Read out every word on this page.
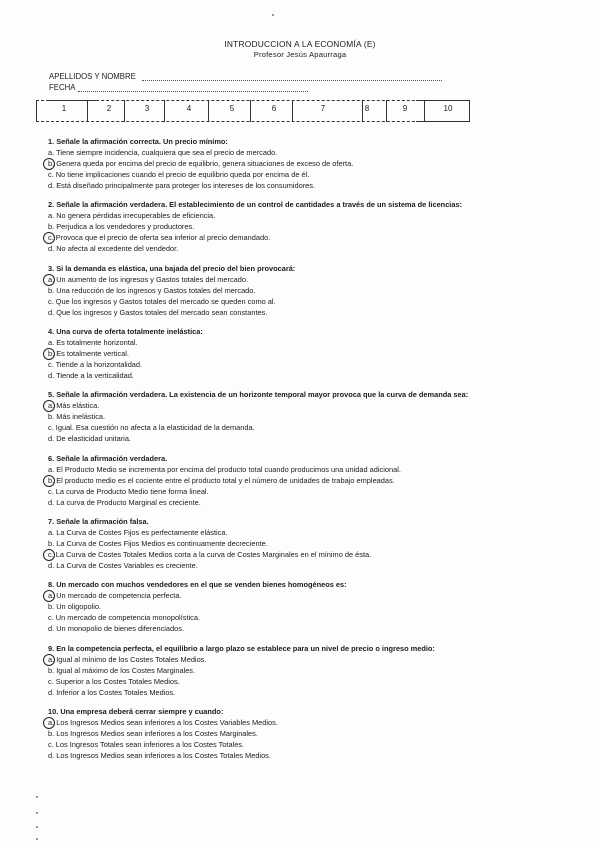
INTRODUCCION A LA ECONOMÍA (E)
Profesor Jesús Apaurraga
APELLIDOS Y NOMBRE
FECHA
1	2	3	4	5	6	7	8	9	10
1. Señale la afirmación correcta. Un precio mínimo:
a. Tiene siempre incidencia, cualquiera que sea el precio de mercado.
b. Genera queda por encima del precio de equilibrio, genera situaciones de exceso de oferta.
c. No tiene implicaciones cuando el precio de equilibrio queda por encima de él.
d. Está diseñado principalmente para proteger los intereses de los consumidores.
2. Señale la afirmación verdadera. El establecimiento de un control de cantidades a través de un sistema de licencias:
a. No genera pérdidas irrecuperables de eficiencia.
b. Perjudica a los vendedores y productores.
c. Provoca que el precio de oferta sea inferior al precio demandado.
d. No afecta al excedente del vendedor.
3. Si la demanda es elástica, una bajada del precio del bien provocará:
a. Un aumento de los ingresos y Gastos totales del mercado.
b. Una reducción de los ingresos y Gastos totales del mercado.
c. Que los ingresos y Gastos totales del mercado se queden como al.
d. Que los ingresos y Gastos totales del mercado sean constantes.
4. Una curva de oferta totalmente inelástica:
a. Es totalmente horizontal.
b. Es totalmente vertical.
c. Tiende a la horizontalidad.
d. Tiende a la verticalidad.
5. Señale la afirmación verdadera. La existencia de un horizonte temporal mayor provoca que la curva de demanda sea:
a. Más elástica.
b. Más inelástica.
c. Igual. Esa cuestión no afecta a la elasticidad de la demanda.
d. De elasticidad unitaria.
6. Señale la afirmación verdadera.
a. El Producto Medio se incrementa por encima del producto total cuando producimos una unidad adicional.
b. El producto medio es el cociente entre el producto total y el número de unidades de trabajo empleadas.
c. La curva de Producto Medio tiene forma lineal.
d. La curva de Producto Marginal es creciente.
7. Señale la afirmación falsa.
a. La Curva de Costes Fijos es perfectamente elástica.
b. La Curva de Costes Fijos Medios es continuamente decreciente.
c. La Curva de Costes Totales Medios corta a la curva de Costes Marginales en el mínimo de ésta.
d. La Curva de Costes Variables es creciente.
8. Un mercado con muchos vendedores en el que se venden bienes homogéneos es:
a. Un mercado de competencia perfecta.
b. Un oligopolio.
c. Un mercado de competencia monopolística.
d. Un monopolio de bienes diferenciados.
9. En la competencia perfecta, el equilibrio a largo plazo se establece para un nivel de precio o ingreso medio:
a. Igual al mínimo de los Costes Totales Medios.
b. Igual al máximo de los Costes Marginales.
c. Superior a los Costes Totales Medios.
d. Inferior a los Costes Totales Medios.
10. Una empresa deberá cerrar siempre y cuando:
a. Los Ingresos Medios sean inferiores a los Costes Variables Medios.
b. Los Ingresos Medios sean inferiores a los Costes Marginales.
c. Los Ingresos Totales sean inferiores a los Costes Totales.
d. Los Ingresos Medios sean inferiores a los Costes Totales Medios.
